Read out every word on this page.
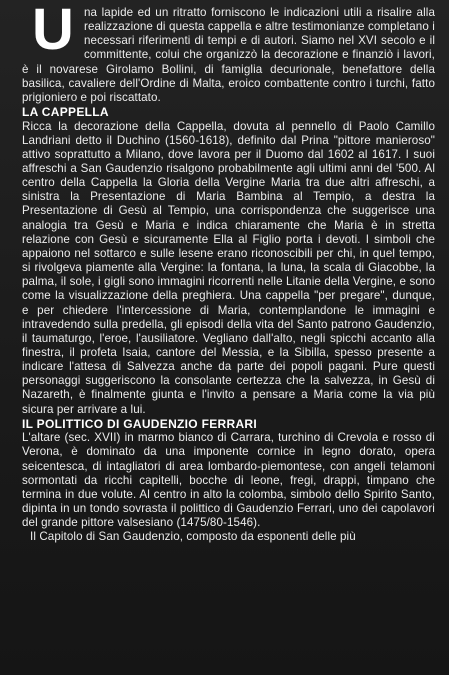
U na lapide ed un ritratto forniscono le indicazioni utili a risalire alla realizzazione di questa cappella e altre testimonianze completano i necessari riferimenti di tempi e di autori. Siamo nel XVI secolo e il committente, colui che organizzò la decorazione e finanziò i lavori, è il novarese Girolamo Bollini, di famiglia decurionale, benefattore della basilica, cavaliere dell'Ordine di Malta, eroico combattente contro i turchi, fatto prigioniero e poi riscattato.

LA CAPPELLA

Ricca la decorazione della Cappella, dovuta al pennello di Paolo Camillo Landriani detto il Duchino (1560-1618), definito dal Prina "pittore manieroso" attivo soprattutto a Milano, dove lavora per il Duomo dal 1602 al 1617. I suoi affreschi a San Gaudenzio risalgono probabilmente agli ultimi anni del '500. Al centro della Cappella la Gloria della Vergine Maria tra due altri affreschi, a sinistra la Presentazione di Maria Bambina al Tempio, a destra la Presentazione di Gesù al Tempio, una corrispondenza che suggerisce una analogia tra Gesù e Maria e indica chiaramente che Maria è in stretta relazione con Gesù e sicuramente Ella al Figlio porta i devoti. I simboli che appaiono nel sottarco e sulle lesene erano riconoscibili per chi, in quel tempo, si rivolgeva piamente alla Vergine: la fontana, la luna, la scala di Giacobbe, la palma, il sole, i gigli sono immagini ricorrenti nelle Litanie della Vergine, e sono come la visualizzazione della preghiera. Una cappella "per pregare", dunque, e per chiedere l'intercessione di Maria, contemplandone le immagini e intravedendo sulla predella, gli episodi della vita del Santo patrono Gaudenzio, il taumaturgo, l'eroe, l'ausiliatore. Vegliano dall'alto, negli spicchi accanto alla finestra, il profeta Isaia, cantore del Messia, e la Sibilla, spesso presente a indicare l'attesa di Salvezza anche da parte dei popoli pagani. Pure questi personaggi suggeriscono la consolante certezza che la salvezza, in Gesù di Nazareth, è finalmente giunta e l'invito a pensare a Maria come la via più sicura per arrivare a lui.

IL POLITTICO DI GAUDENZIO FERRARI

L'altare (sec. XVII) in marmo bianco di Carrara, turchino di Crevola e rosso di Verona, è dominato da una imponente cornice in legno dorato, opera seicentesca, di intagliatori di area lombardo-piemontese, con angeli telamoni sormontati da ricchi capitelli, bocche di leone, fregi, drappi, timpano che termina in due volute. Al centro in alto la colomba, simbolo dello Spirito Santo, dipinta in un tondo sovrasta il polittico di Gaudenzio Ferrari, uno dei capolavori del grande pittore valsesiano (1475/80-1546).

Il Capitolo di San Gaudenzio, composto da esponenti delle più
